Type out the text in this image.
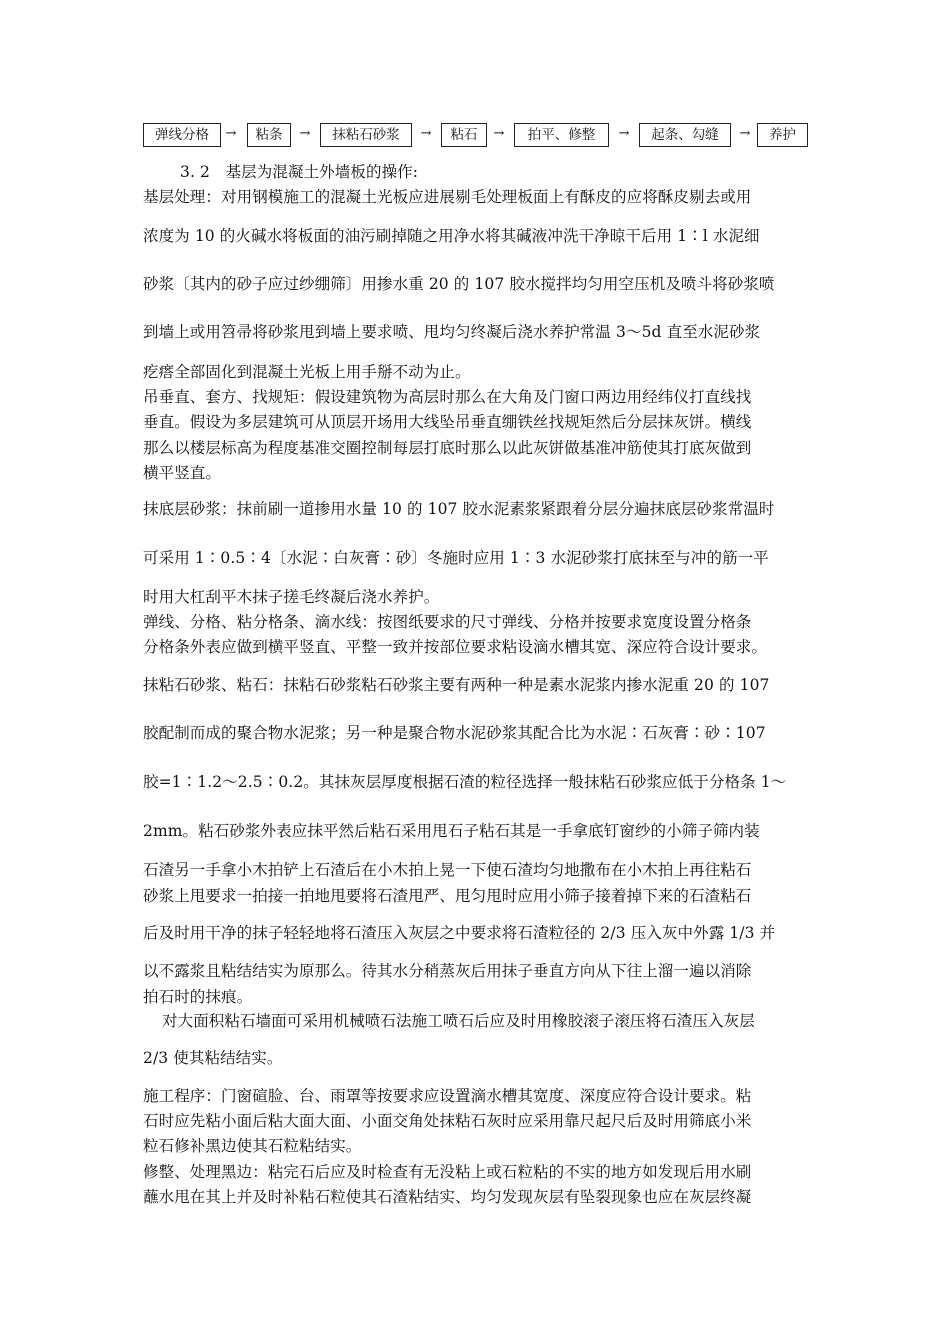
弹线分格	→	粘条	→	抹粘石砂浆	→	粘石	→	拍平、修整	→	起条、勾缝	→	养护
3. 2　基层为混凝土外墙板的操作:
基层处理：对用钢模施工的混凝土光板应进展剔毛处理板面上有酥皮的应将酥皮剔去或用
浓度为 10 的火碱水将板面的油污刷掉随之用净水将其碱液冲洗干净晾干后用 1∶l 水泥细
砂浆〔其内的砂子应过纱绷筛〕用掺水重 20 的 107 胶水搅拌均匀用空压机及喷斗将砂浆喷
到墙上或用笤帚将砂浆甩到墙上要求喷、甩均匀终凝后浇水养护常温 3～5d 直至水泥砂浆
疙瘩全部固化到混凝土光板上用手掰不动为止。
吊垂直、套方、找规矩：假设建筑物为高层时那么在大角及门窗口两边用经纬仪打直线找
垂直。假设为多层建筑可从顶层开场用大线坠吊垂直绷铁丝找规矩然后分层抹灰饼。横线
那么以楼层标高为程度基准交圈控制每层打底时那么以此灰饼做基准冲筋使其打底灰做到
横平竖直。
抹底层砂浆：抹前刷一道掺用水量 10 的 107 胶水泥素浆紧跟着分层分遍抹底层砂浆常温时
可采用 1∶0.5∶4〔水泥∶白灰膏∶砂〕冬施时应用 1∶3 水泥砂浆打底抹至与冲的筋一平
时用大杠刮平木抹子搓毛终凝后浇水养护。
弹线、分格、粘分格条、滴水线：按图纸要求的尺寸弹线、分格并按要求宽度设置分格条
分格条外表应做到横平竖直、平整一致并按部位要求粘设滴水槽其宽、深应符合设计要求。
抹粘石砂浆、粘石：抹粘石砂浆粘石砂浆主要有两种一种是素水泥浆内掺水泥重 20 的 107
胶配制而成的聚合物水泥浆；另一种是聚合物水泥砂浆其配合比为水泥∶石灰膏∶砂∶107
胶=1∶1.2～2.5∶0.2。其抹灰层厚度根据石渣的粒径选择一般抹粘石砂浆应低于分格条 1～
2mm。粘石砂浆外表应抹平然后粘石采用甩石子粘石其是一手拿底钉窗纱的小筛子筛内装
石渣另一手拿小木拍铲上石渣后在小木拍上晃一下使石渣均匀地撒布在小木拍上再往粘石
砂浆上甩要求一拍接一拍地甩要将石渣甩严、甩匀甩时应用小筛子接着掉下来的石渣粘石
后及时用干净的抹子轻轻地将石渣压入灰层之中要求将石渣粒径的 2/3 压入灰中外露 1/3 并
以不露浆且粘结结实为原那么。待其水分稍蒸灰后用抹子垂直方向从下往上溜一遍以消除
拍石时的抹痕。
对大面积粘石墙面可采用机械喷石法施工喷石后应及时用橡胶滚子滚压将石渣压入灰层
2/3 使其粘结结实。
施工程序：门窗碹脸、台、雨罩等按要求应设置滴水槽其宽度、深度应符合设计要求。粘
石时应先粘小面后粘大面大面、小面交角处抹粘石灰时应采用靠尺起尺后及时用筛底小米
粒石修补黑边使其石粒粘结实。
修整、处理黑边：粘完石后应及时检查有无没粘上或石粒粘的不实的地方如发现后用水刷
蘸水甩在其上并及时补粘石粒使其石渣粘结实、均匀发现灰层有坠裂现象也应在灰层终凝
